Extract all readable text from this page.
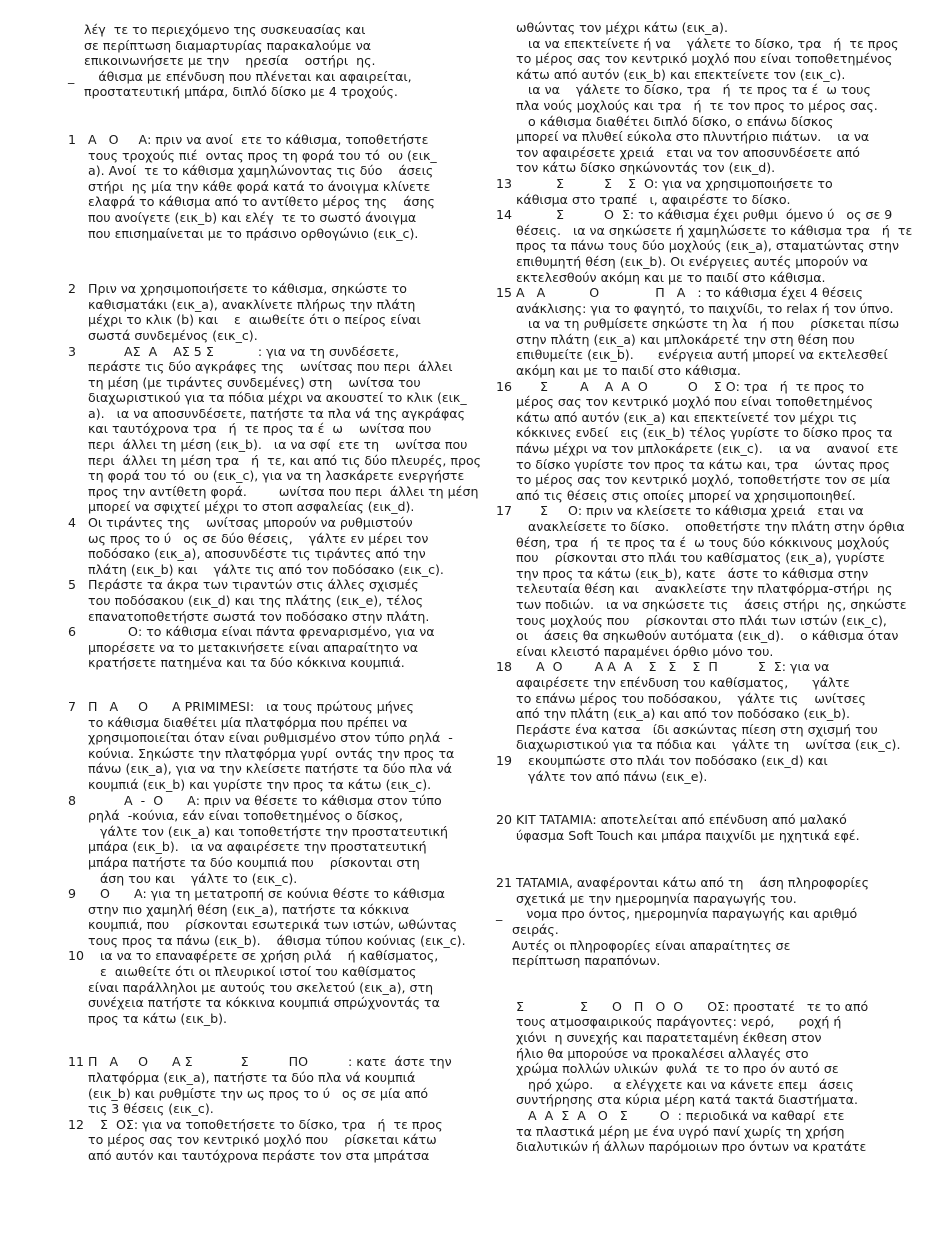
λέγ  τε το περιεχόμενο της συσκευασίας και
σε περίπτωση διαμαρτυρίας παρακαλούμε να
επικοινωνήσετε με την    ηρεσία    οστήρι  ης.
_      άθισμα με επένδυση που πλένεται και αφαιρείται,
προστατευτική μπάρα, διπλό δίσκο με 4 τροχούς.
1 Α   Ο     Α: πριν να ανοί  ετε το κάθισμα, τοποθετήστε
τους τροχούς πιέ  οντας προς τη φορά του τό  ου (εικ_
a). Ανοί  τε το κάθισμα χαμηλώνοντας τις δύο    άσεις
στήρι  ης μία την κάθε φορά κατά το άνοιγμα κλίνετε
ελαφρά το κάθισμα από το αντίθετο μέρος της    άσης
που ανοίγετε (εικ_b) και ελέγ  τε το σωστό άνοιγμα
που επισημαίνεται με το πράσινο ορθογώνιο (εικ_c).
2 Πριν να χρησιμοποιήσετε το κάθισμα, σηκώστε το
καθισματάκι (εικ_a), ανακλίνετε πλήρως την πλάτη
μέχρι το κλικ (b) και    ε  αιωθείτε ότι ο πείρος είναι
σωστά συνδεμένος (εικ_c).
3 ΑΣ  Α    ΑΣ 5 Σ           : για να τη συνδέσετε,
περάστε τις δύο αγκράφες της    ωνίτσας που περι  άλλει
τη μέση (με τιράντες συνδεμένες) στη    ωνίτσα του
διαχωριστικού για τα πόδια μέχρι να ακουστεί το κλικ (εικ_
a).   ια να αποσυνδέσετε, πατήστε τα πλα νά της αγκράφας
και ταυτόχρονα τρα   ή  τε προς τα έ  ω    ωνίτσα που
περι  άλλει τη μέση (εικ_b).   ια να σφί  ετε τη    ωνίτσα που
περι  άλλει τη μέση τρα   ή  τε, και από τις δύο πλευρές, προς
τη φορά του τό  ου (εικ_c), για να τη λασκάρετε ενεργήστε
προς την αντίθετη φορά.        ωνίτσα που περι  άλλει τη μέση
μπορεί να σφιχτεί μέχρι το στοπ ασφαλείας (εικ_d).
4 Οι τιράντες της    ωνίτσας μπορούν να ρυθμιστούν
ως προς το ύ   ος σε δύο θέσεις,    γάλτε εν μέρει τον
ποδόσακο (εικ_a), αποσυνδέστε τις τιράντες από την
πλάτη (εικ_b) και    γάλτε τις από τον ποδόσακο (εικ_c).
5 Περάστε τα άκρα των τιραντών στις άλλες σχισμές
του ποδόσακου (εικ_d) και της πλάτης (εικ_e), τέλος
επανατοποθετήστε σωστά τον ποδόσακο στην πλάτη.
6 Ο: το κάθισμα είναι πάντα φρεναρισμένο, για να
μπορέσετε να το μετακινήσετε είναι απαραίτητο να
κρατήσετε πατημένα και τα δύο κόκκινα κουμπιά.
7 Π   Α     Ο      Α PRIMIMESI:   ια τους πρώτους μήνες
το κάθισμα διαθέτει μία πλατφόρμα που πρέπει να
χρησιμοποιείται όταν είναι ρυθμισμένο στον τύπο ρηλά  -
κούνια. Σηκώστε την πλατφόρμα γυρί  οντάς την προς τα
πάνω (εικ_a), για να την κλείσετε πατήστε τα δύο πλα νά
κουμπιά (εικ_b) και γυρίστε την προς τα κάτω (εικ_c).
8 Α  -  Ο      Α: πριν να θέσετε το κάθισμα στον τύπο
ρηλά  -κούνια, εάν είναι τοποθετημένος ο δίσκος,
γάλτε τον (εικ_a) και τοποθετήστε την προστατευτική
μπάρα (εικ_b).   ια να αφαιρέσετε την προστατευτική
μπάρα πατήστε τα δύο κουμπιά που    ρίσκονται στη
άση του και    γάλτε το (εικ_c).
9 Ο      Α: για τη μετατροπή σε κούνια θέστε το κάθισμα
στην πιο χαμηλή θέση (εικ_a), πατήστε τα κόκκινα
κουμπιά, που    ρίσκονται εσωτερικά των ιστών, ωθώντας
τους προς τα πάνω (εικ_b).    άθισμα τύπου κούνιας (εικ_c).
10 ια να το επαναφέρετε σε χρήση ριλά    ή καθίσματος,
ε  αιωθείτε ότι οι πλευρικοί ιστοί του καθίσματος
είναι παράλληλοι με αυτούς του σκελετού (εικ_a), στη
συνέχεια πατήστε τα κόκκινα κουμπιά σπρώχνοντάς τα
προς τα κάτω (εικ_b).
11 Π   Α     Ο      Α Σ            Σ          ΠΟ          : κατε  άστε την
πλατφόρμα (εικ_a), πατήστε τα δύο πλα νά κουμπιά
(εικ_b) και ρυθμίστε την ως προς το ύ   ος σε μία από
τις 3 θέσεις (εικ_c).
12 Σ  ΟΣ: για να τοποθετήσετε το δίσκο, τρα   ή  τε προς
το μέρος σας τον κεντρικό μοχλό που    ρίσκεται κάτω
από αυτόν και ταυτόχρονα περάστε τον στα μπράτσα
ωθώντας τον μέχρι κάτω (εικ_a).
ια να επεκτείνετε ή να    γάλετε το δίσκο, τρα   ή  τε προς
το μέρος σας τον κεντρικό μοχλό που είναι τοποθετημένος
κάτω από αυτόν (εικ_b) και επεκτείνετε τον (εικ_c).
ια να    γάλετε το δίσκο, τρα   ή  τε προς τα έ  ω τους
πλα νούς μοχλούς και τρα   ή  τε τον προς το μέρος σας.
ο κάθισμα διαθέτει διπλό δίσκο, ο επάνω δίσκος
μπορεί να πλυθεί εύκολα στο πλυντήριο πιάτων.    ια να
τον αφαιρέσετε χρειά   εται να τον αποσυνδέσετε από
τον κάτω δίσκο σηκώνοντάς τον (εικ_d).
13 Σ          Σ    Σ  Ο: για να χρησιμοποιήσετε το
κάθισμα στο τραπέ   ι, αφαιρέστε το δίσκο.
14 Σ          Ο  Σ: το κάθισμα έχει ρυθμι  όμενο ύ   ος σε 9
θέσεις.   ια να σηκώσετε ή χαμηλώσετε το κάθισμα τρα   ή  τε
προς τα πάνω τους δύο μοχλούς (εικ_a), σταματώντας στην
επιθυμητή θέση (εικ_b). Οι ενέργειες αυτές μπορούν να
εκτελεσθούν ακόμη και με το παιδί στο κάθισμα.
15 Α   Α           Ο              Π   Α   : το κάθισμα έχει 4 θέσεις
ανάκλισης: για το φαγητό, το παιχνίδι, το relax ή τον ύπνο.
ια να τη ρυθμίσετε σηκώστε τη λα   ή που    ρίσκεται πίσω
στην πλάτη (εικ_a) και μπλοκάρετέ την στη θέση που
επιθυμείτε (εικ_b).      ενέργεια αυτή μπορεί να εκτελεσθεί
ακόμη και με το παιδί στο κάθισμα.
16 Σ        Α    Α  Α  Ο          Ο    Σ Ο: τρα   ή  τε προς το
μέρος σας τον κεντρικό μοχλό που είναι τοποθετημένος
κάτω από αυτόν (εικ_a) και επεκτείνετέ τον μέχρι τις
κόκκινες ενδεί   εις (εικ_b) τέλος γυρίστε το δίσκο προς τα
πάνω μέχρι να τον μπλοκάρετε (εικ_c).    ια να    ανανοί  ετε
το δίσκο γυρίστε τον προς τα κάτω και, τρα    ώντας προς
το μέρος σας τον κεντρικό μοχλό, τοποθετήστε τον σε μία
από τις θέσεις στις οποίες μπορεί να χρησιμοποιηθεί.
17 Σ     Ο: πριν να κλείσετε το κάθισμα χρειά   εται να
ανακλείσετε το δίσκο.    οποθετήστε την πλάτη στην όρθια
θέση, τρα   ή  τε προς τα έ  ω τους δύο κόκκινους μοχλούς
που    ρίσκονται στο πλάι του καθίσματος (εικ_a), γυρίστε
την προς τα κάτω (εικ_b), κατε   άστε το κάθισμα στην
τελευταία θέση και    ανακλείστε την πλατφόρμα-στήρι  ης
των ποδιών.   ια να σηκώσετε τις    άσεις στήρι  ης, σηκώστε
τους μοχλούς που    ρίσκονται στο πλάι των ιστών (εικ_c),
οι    άσεις θα σηκωθούν αυτόματα (εικ_d).    ο κάθισμα όταν
είναι κλειστό παραμένει όρθιο μόνο του.
18 Α  Ο        Α Α  Α    Σ   Σ    Σ  Π          Σ  Σ: για να
αφαιρέσετε την επένδυση του καθίσματος,      γάλτε
το επάνω μέρος του ποδόσακου,    γάλτε τις    ωνίτσες
από την πλάτη (εικ_a) και από τον ποδόσακο (εικ_b).
Περάστε ένα κατσα   ίδι ασκώντας πίεση στη σχισμή του
διαχωριστικού για τα πόδια και    γάλτε τη    ωνίτσα (εικ_c).
19 εκουμπώστε στο πλάι τον ποδόσακο (εικ_d) και
γάλτε τον από πάνω (εικ_e).
20 KIT TATAMIA: αποτελείται από επένδυση από μαλακό
ύφασμα Soft Touch και μπάρα παιχνίδι με ηχητικά εφέ.
21 TATAMIA, αναφέρονται κάτω από τη    άση πληροφορίες
σχετικά με την ημερομηνία παραγωγής του.
_      νομα προ όντος, ημερομηνία παραγωγής και αριθμό
σειράς.
Αυτές οι πληροφορίες είναι απαραίτητες σε
περίπτωση παραπόνων.
Σ              Σ      Ο   Π   Ο  Ο      ΟΣ: προστατέ   τε το από
τους ατμοσφαιρικούς παράγοντες: νερό,      ροχή ή
χιόνι  η συνεχής και παρατεταμένη έκθεση στον
ήλιο θα μπορούσε να προκαλέσει αλλαγές στο
χρώμα πολλών υλικών  φυλά  τε το προ όν αυτό σε
ηρό χώρο.     α ελέγχετε και να κάνετε επεμ   άσεις
συντήρησης στα κύρια μέρη κατά τακτά διαστήματα.
Α  Α  Σ  Α   Ο   Σ        Ο  : περιοδικά να καθαρί  ετε
τα πλαστικά μέρη με ένα υγρό πανί χωρίς τη χρήση
διαλυτικών ή άλλων παρόμοιων προ όντων να κρατάτε
